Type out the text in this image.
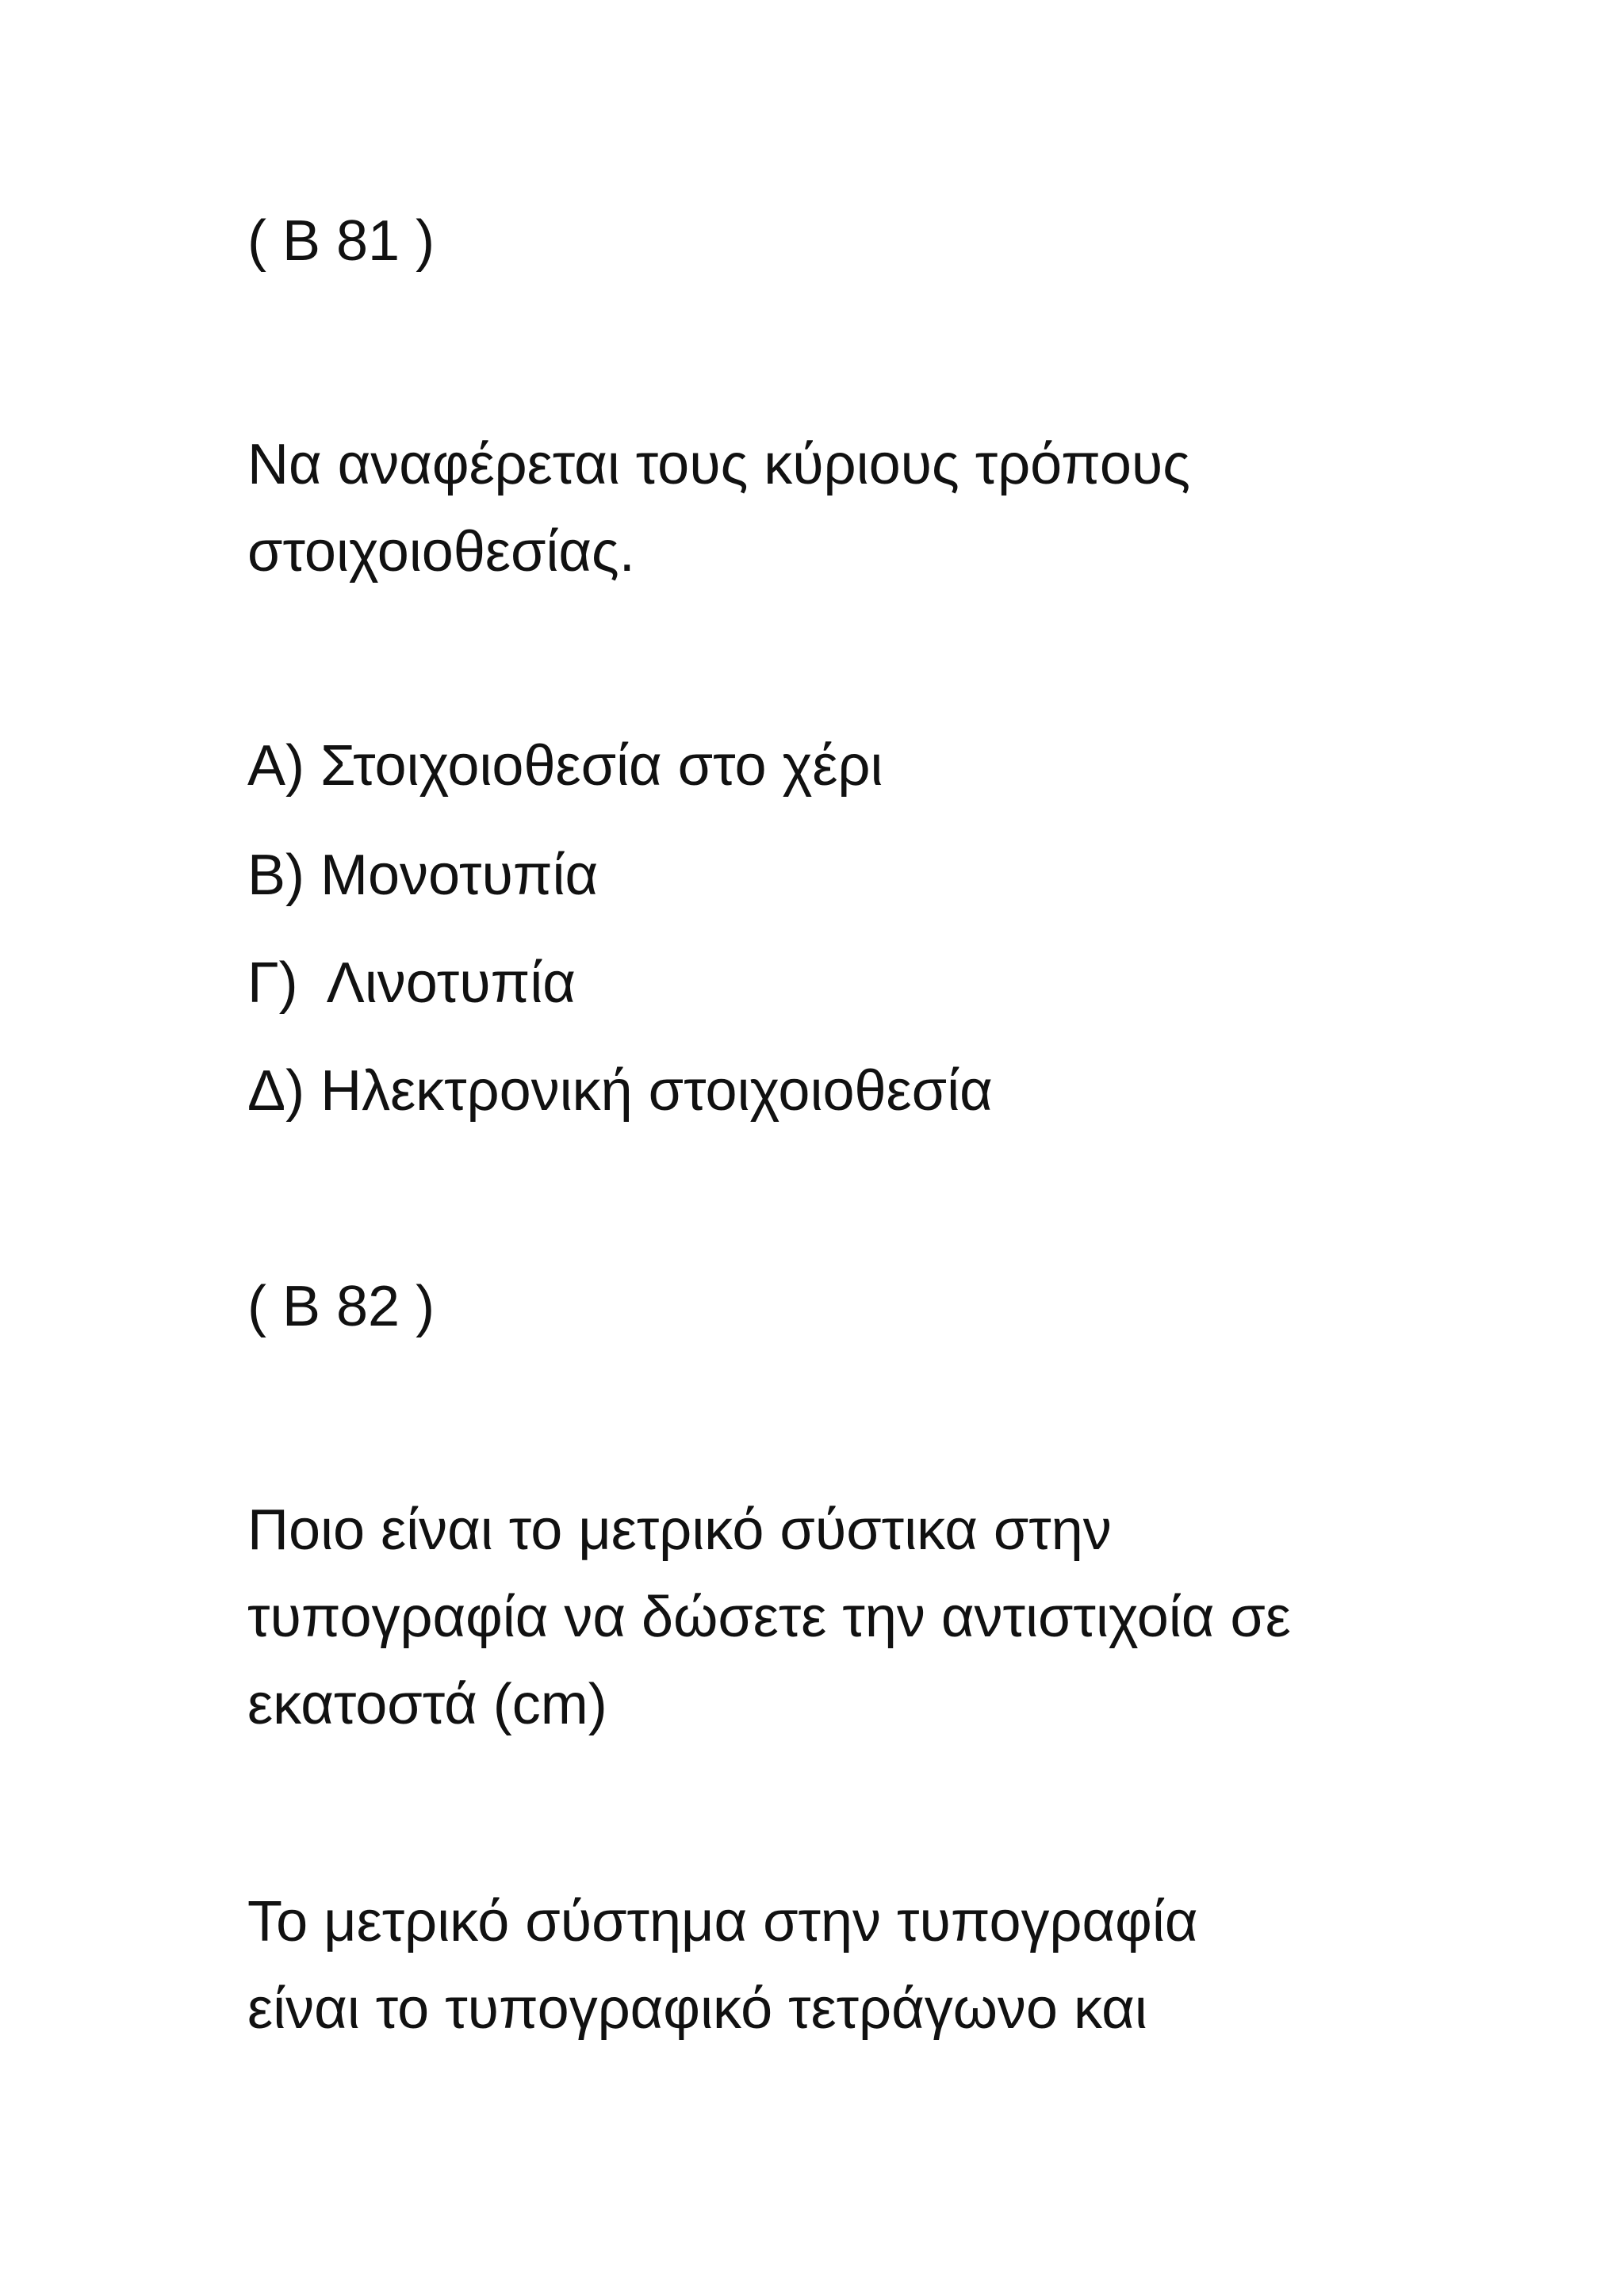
( B 81 )

Να αναφέρεται τους κύριους τρόπους

στοιχοιοθεσίας.

Α) Στοιχοιοθεσία στο χέρι

Β) Μονοτυπία

Γ)  Λινοτυπία

Δ) Ηλεκτρονική στοιχοιοθεσία

( B 82 )

Ποιο είναι το μετρικό σύστικα στην

τυπογραφία να δώσετε την αντιστιχοία σε

εκατοστά (cm)

Το μετρικό σύστημα στην τυπογραφία

είναι το τυπογραφικό τετράγωνο και
